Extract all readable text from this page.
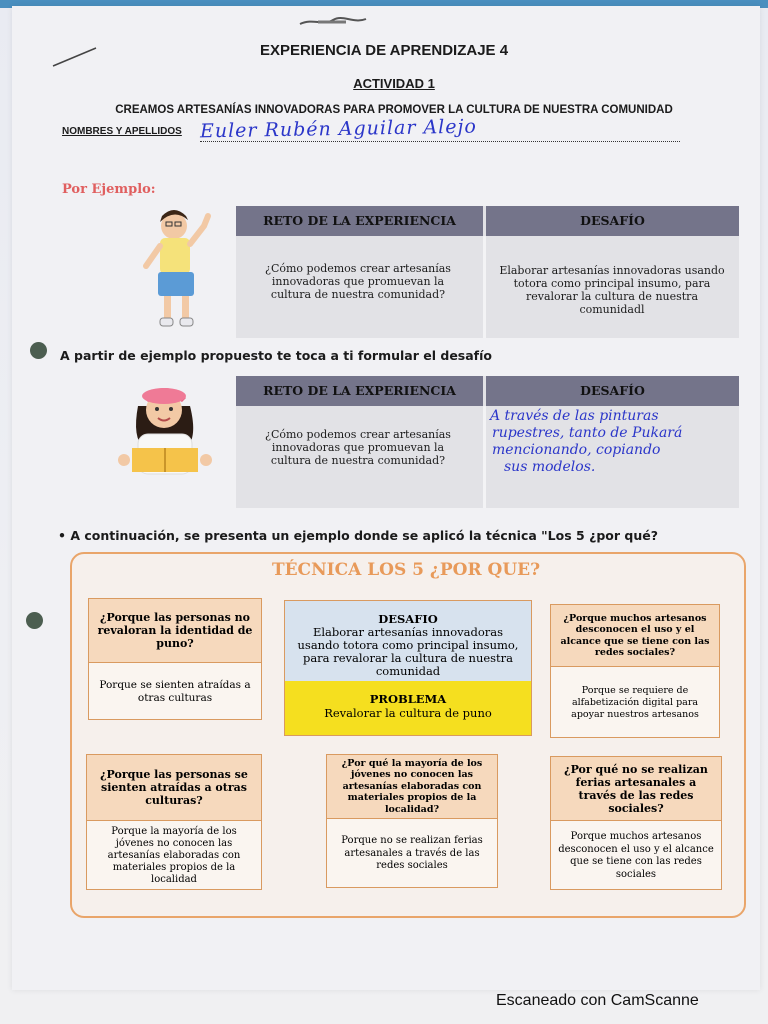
EXPERIENCIA DE APRENDIZAJE 4
ACTIVIDAD 1
CREAMOS ARTESANÍAS INNOVADORAS PARA PROMOVER LA CULTURA DE NUESTRA COMUNIDAD
NOMBRES Y APELLIDOS Euler Rubén Aguilar Alejo
Por Ejemplo:
RETO DE LA EXPERIENCIA	DESAFÍO
¿Cómo podemos crear artesanías innovadoras que promuevan la cultura de nuestra comunidad?
Elaborar artesanías innovadoras usando totora como principal insumo, para revalorar la cultura de nuestra comunidadl
A partir de ejemplo propuesto te toca a ti formular el desafío
RETO DE LA EXPERIENCIA	DESAFÍO
¿Cómo podemos crear artesanías innovadoras que promuevan la cultura de nuestra comunidad?
A través de las pinturas
rupestres, tanto de Pukará
mencionando, copiando
sus modelos.
• A continuación, se presenta un ejemplo donde se aplicó la técnica "Los 5 ¿por qué?
TÉCNICA LOS 5 ¿POR QUE?
¿Porque las personas no revaloran la identidad de puno?
Porque se sienten atraídas a otras culturas
DESAFIO
Elaborar artesanías innovadoras usando totora como principal insumo, para revalorar la cultura de nuestra comunidad
PROBLEMA
Revalorar la cultura de puno
¿Porque muchos artesanos desconocen el uso y el alcance que se tiene con las redes sociales?
Porque se requiere de alfabetización digital para apoyar nuestros artesanos
¿Porque las personas se sienten atraídas a otras culturas?
Porque la mayoría de los jóvenes no conocen las artesanías elaboradas con materiales propios de la localidad
¿Por qué la mayoría de los jóvenes no conocen las artesanías elaboradas con materiales propios de la localidad?
Porque no se realizan ferias artesanales a través de las redes sociales
¿Por qué no se realizan ferias artesanales a través de las redes sociales?
Porque muchos artesanos desconocen el uso y el alcance que se tiene con las redes sociales
Escaneado con CamScanne
